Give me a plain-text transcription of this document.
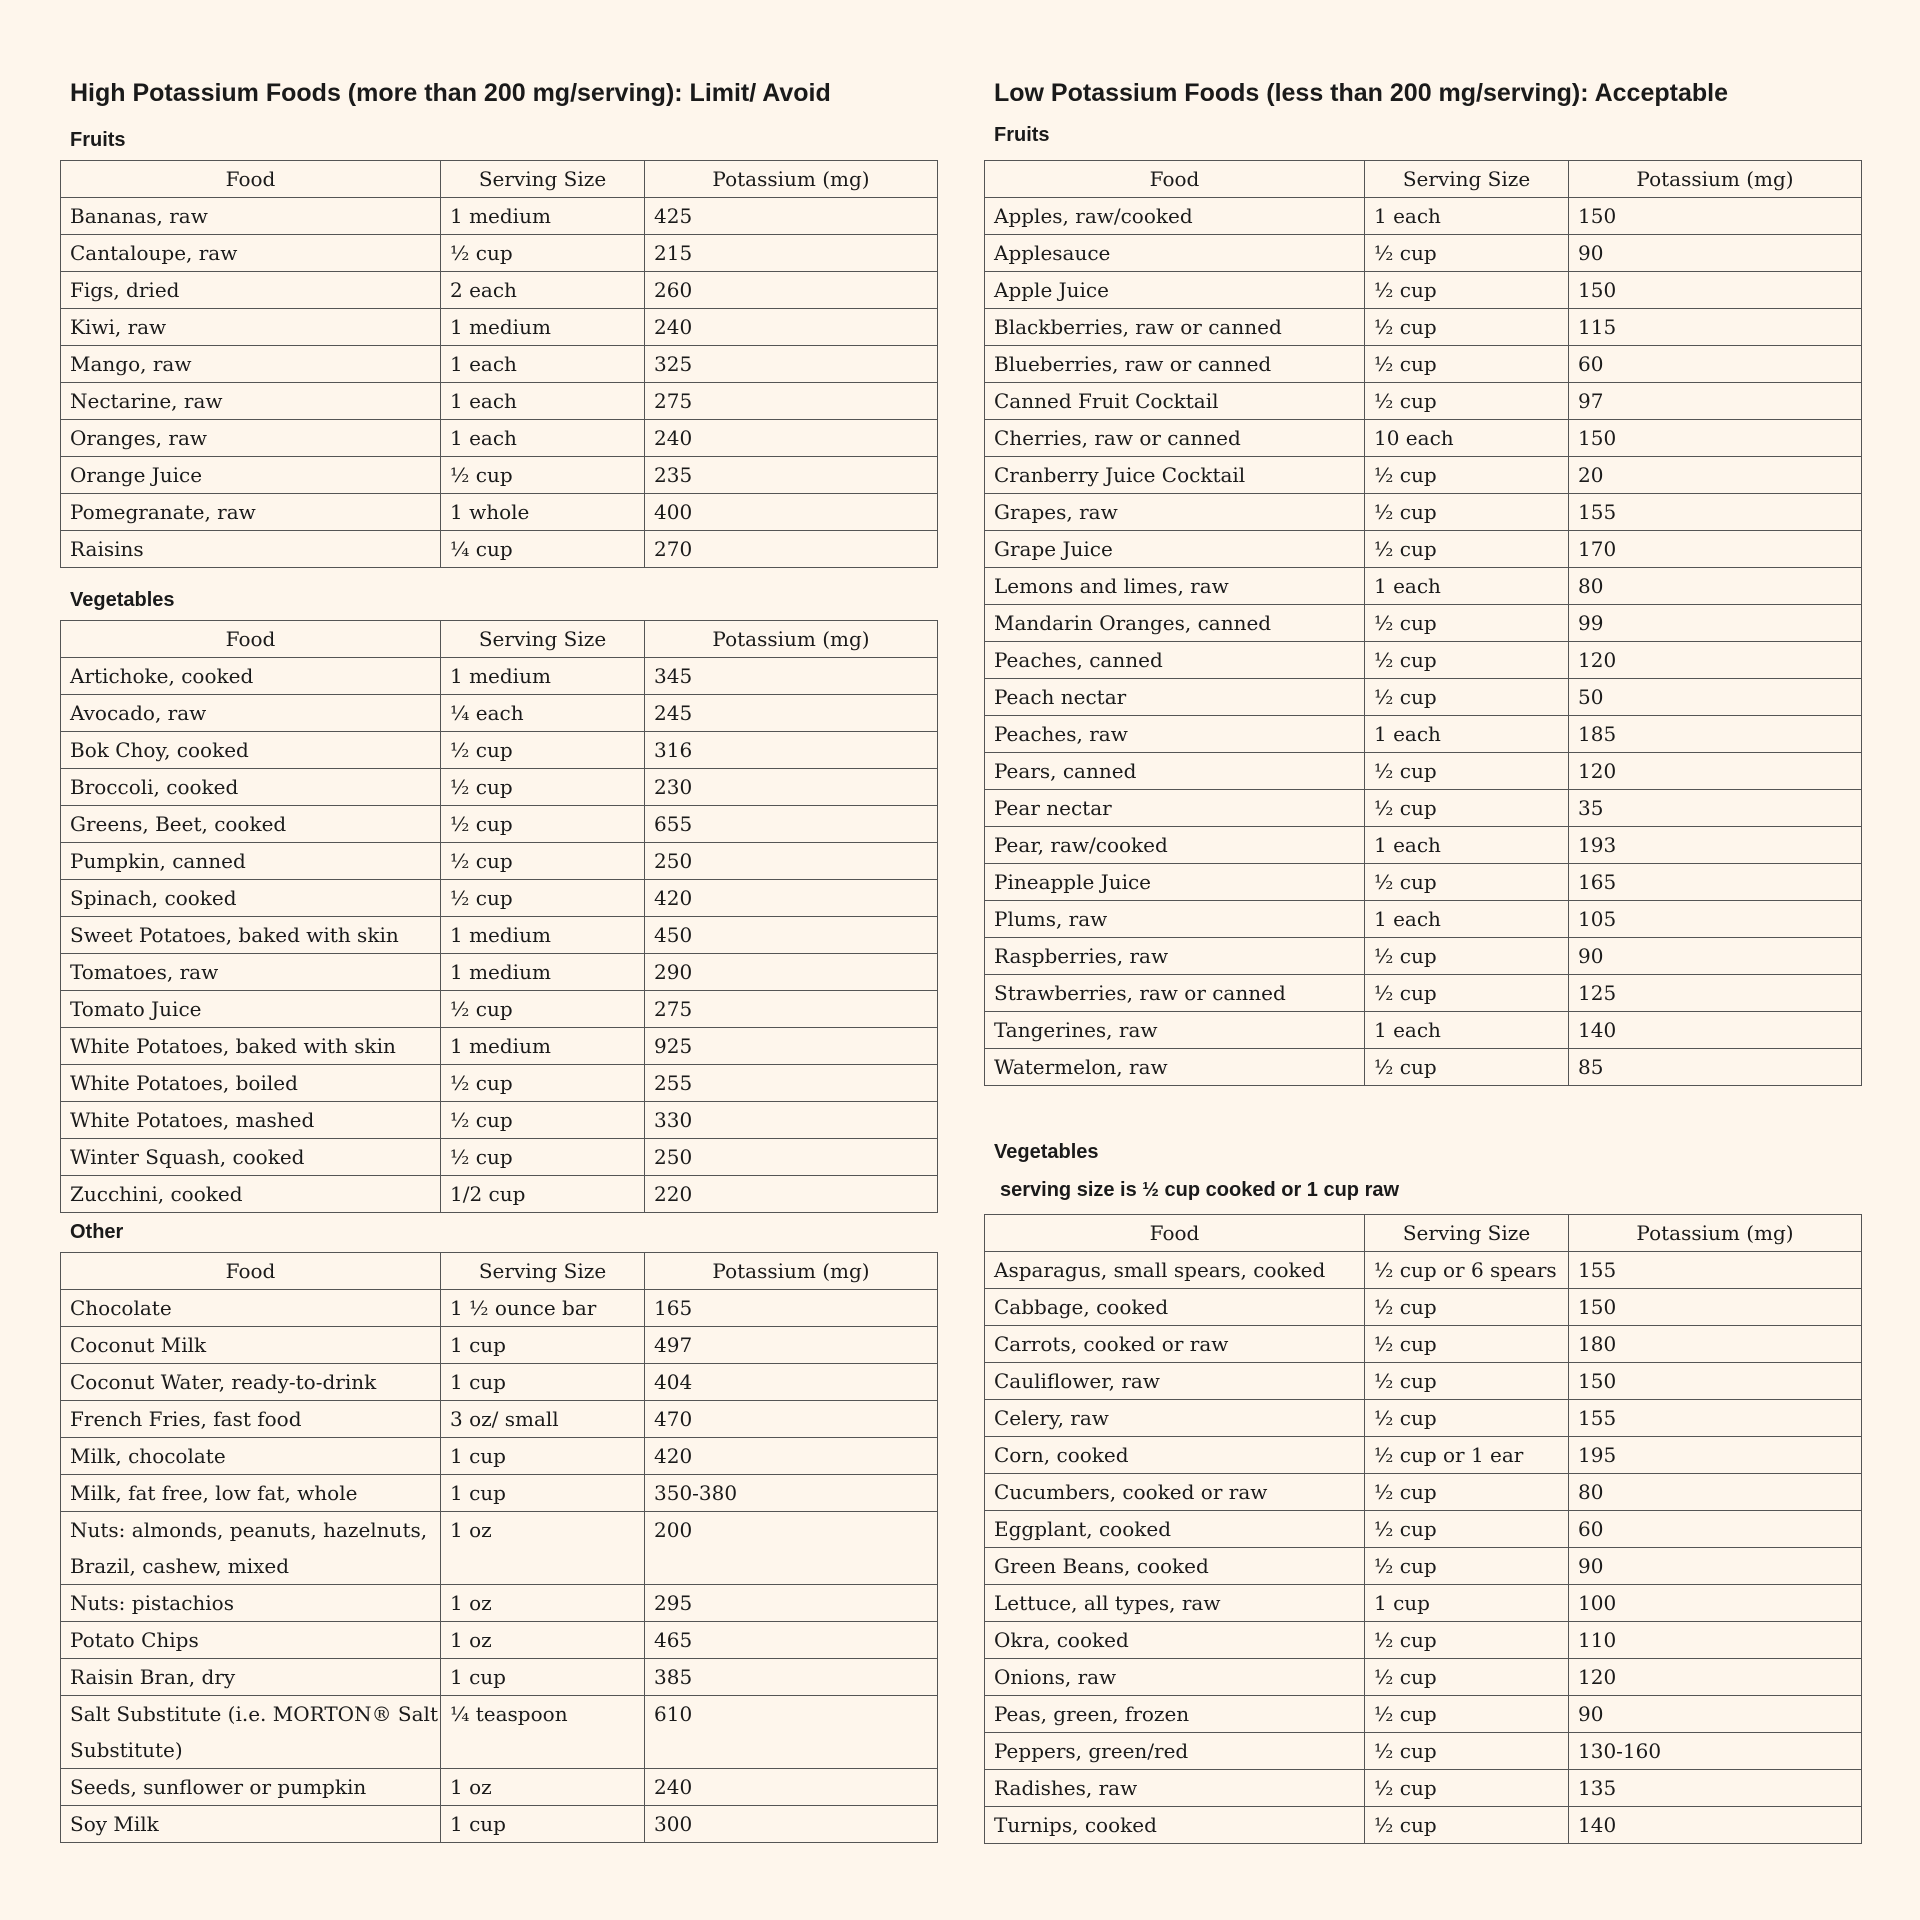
High Potassium Foods (more than 200 mg/serving): Limit/ Avoid
Fruits
Food	Serving Size	Potassium (mg)
Bananas, raw	1 medium	425
Cantaloupe, raw	½ cup	215
Figs, dried	2 each	260
Kiwi, raw	1 medium	240
Mango, raw	1 each	325
Nectarine, raw	1 each	275
Oranges, raw	1 each	240
Orange Juice	½ cup	235
Pomegranate, raw	1 whole	400
Raisins	¼ cup	270
Vegetables
Food	Serving Size	Potassium (mg)
Artichoke, cooked	1 medium	345
Avocado, raw	¼ each	245
Bok Choy, cooked	½ cup	316
Broccoli, cooked	½ cup	230
Greens, Beet, cooked	½ cup	655
Pumpkin, canned	½ cup	250
Spinach, cooked	½ cup	420
Sweet Potatoes, baked with skin	1 medium	450
Tomatoes, raw	1 medium	290
Tomato Juice	½ cup	275
White Potatoes, baked with skin	1 medium	925
White Potatoes, boiled	½ cup	255
White Potatoes, mashed	½ cup	330
Winter Squash, cooked	½ cup	250
Zucchini, cooked	1/2 cup	220
Other
Food	Serving Size	Potassium (mg)
Chocolate	1 ½ ounce bar	165
Coconut Milk	1 cup	497
Coconut Water, ready-to-drink	1 cup	404
French Fries, fast food	3 oz/ small	470
Milk, chocolate	1 cup	420
Milk, fat free, low fat, whole	1 cup	350-380
Nuts: almonds, peanuts, hazelnuts, Brazil, cashew, mixed	1 oz	200
Nuts: pistachios	1 oz	295
Potato Chips	1 oz	465
Raisin Bran, dry	1 cup	385
Salt Substitute (i.e. MORTON® Salt Substitute)	¼ teaspoon	610
Seeds, sunflower or pumpkin	1 oz	240
Soy Milk	1 cup	300
Low Potassium Foods (less than 200 mg/serving): Acceptable
Fruits
Food	Serving Size	Potassium (mg)
Apples, raw/cooked	1 each	150
Applesauce	½ cup	90
Apple Juice	½ cup	150
Blackberries, raw or canned	½ cup	115
Blueberries, raw or canned	½ cup	60
Canned Fruit Cocktail	½ cup	97
Cherries, raw or canned	10 each	150
Cranberry Juice Cocktail	½ cup	20
Grapes, raw	½ cup	155
Grape Juice	½ cup	170
Lemons and limes, raw	1 each	80
Mandarin Oranges, canned	½ cup	99
Peaches, canned	½ cup	120
Peach nectar	½ cup	50
Peaches, raw	1 each	185
Pears, canned	½ cup	120
Pear nectar	½ cup	35
Pear, raw/cooked	1 each	193
Pineapple Juice	½ cup	165
Plums, raw	1 each	105
Raspberries, raw	½ cup	90
Strawberries, raw or canned	½ cup	125
Tangerines, raw	1 each	140
Watermelon, raw	½ cup	85
Vegetables
serving size is ½ cup cooked or 1 cup raw
Food	Serving Size	Potassium (mg)
Asparagus, small spears, cooked	½ cup or 6 spears	155
Cabbage, cooked	½ cup	150
Carrots, cooked or raw	½ cup	180
Cauliflower, raw	½ cup	150
Celery, raw	½ cup	155
Corn, cooked	½ cup or 1 ear	195
Cucumbers, cooked or raw	½ cup	80
Eggplant, cooked	½ cup	60
Green Beans, cooked	½ cup	90
Lettuce, all types, raw	1 cup	100
Okra, cooked	½ cup	110
Onions, raw	½ cup	120
Peas, green, frozen	½ cup	90
Peppers, green/red	½ cup	130-160
Radishes, raw	½ cup	135
Turnips, cooked	½ cup	140
